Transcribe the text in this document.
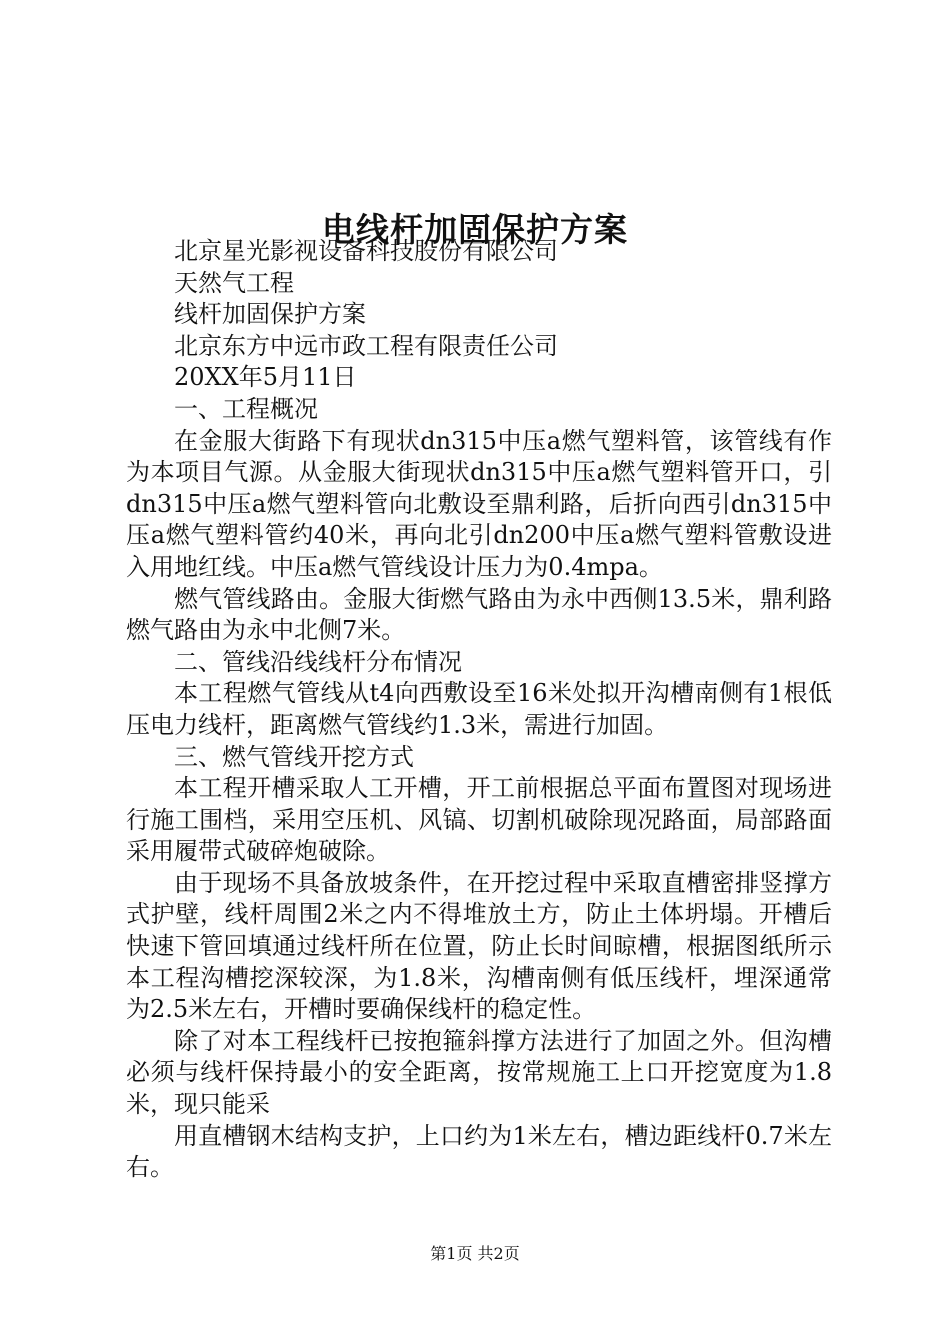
电线杆加固保护方案

北京星光影视设备科技股份有限公司

天然气工程

线杆加固保护方案

北京东方中远市政工程有限责任公司

20XX年5月11日

一、工程概况

在金服大街路下有现状dn315中压a燃气塑料管，该管线有作为本项目气源。从金服大街现状dn315中压a燃气塑料管开口，引dn315中压a燃气塑料管向北敷设至鼎利路，后折向西引dn315中压a燃气塑料管约40米，再向北引dn200中压a燃气塑料管敷设进入用地红线。中压a燃气管线设计压力为0.4mpa。

燃气管线路由。金服大街燃气路由为永中西侧13.5米，鼎利路燃气路由为永中北侧7米。

二、管线沿线线杆分布情况

本工程燃气管线从t4向西敷设至16米处拟开沟槽南侧有1根低压电力线杆，距离燃气管线约1.3米，需进行加固。

三、燃气管线开挖方式

本工程开槽采取人工开槽，开工前根据总平面布置图对现场进行施工围档，采用空压机、风镐、切割机破除现况路面，局部路面采用履带式破碎炮破除。

由于现场不具备放坡条件，在开挖过程中采取直槽密排竖撑方式护壁，线杆周围2米之内不得堆放土方，防止土体坍塌。开槽后快速下管回填通过线杆所在位置，防止长时间晾槽，根据图纸所示本工程沟槽挖深较深，为1.8米，沟槽南侧有低压线杆，埋深通常为2.5米左右，开槽时要确保线杆的稳定性。

除了对本工程线杆已按抱箍斜撑方法进行了加固之外。但沟槽必须与线杆保持最小的安全距离，按常规施工上口开挖宽度为1.8米，现只能采

用直槽钢木结构支护，上口约为1米左右，槽边距线杆0.7米左右。

第1页 共2页
